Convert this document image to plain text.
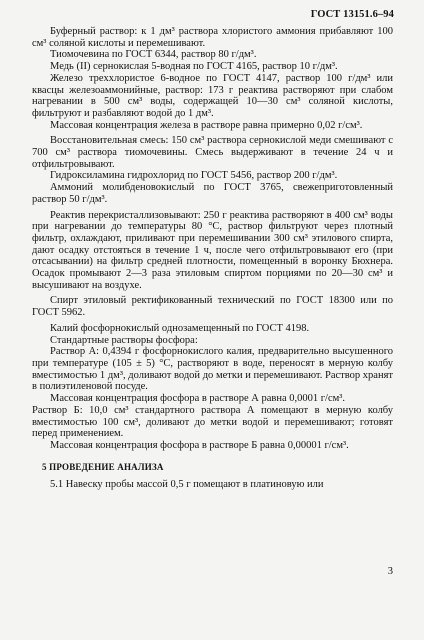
ГОСТ 13151.6–94

Буферный раствор: к 1 дм³ раствора хлористого аммония прибавляют 100 см³ соляной кислоты и перемешивают.

Тиомочевина по ГОСТ 6344, раствор 80 г/дм³.

Медь (II) сернокислая 5-водная по ГОСТ 4165, раствор 10 г/дм³.

Железо треххлористое 6-водное по ГОСТ 4147, раствор 100 г/дм³ или квасцы железоаммонийные, раствор: 173 г реактива растворяют при слабом нагревании в 500 см³ воды, содержащей 10—30 см³ соляной кислоты, фильтруют и разбавляют водой до 1 дм³.

Массовая концентрация железа в растворе равна примерно 0,02 г/см³.

Восстановительная смесь: 150 см³ раствора сернокислой меди смешивают с 700 см³ раствора тиомочевины. Смесь выдерживают в течение 24 ч и отфильтровывают.

Гидроксиламина гидрохлорид по ГОСТ 5456, раствор 200 г/дм³.

Аммоний молибденовокислый по ГОСТ 3765, свежеприготовленный раствор 50 г/дм³.

Реактив перекристаллизовывают: 250 г реактива растворяют в 400 см³ воды при нагревании до температуры 80 °С, раствор фильтруют через плотный фильтр, охлаждают, приливают при перемешивании 300 см³ этилового спирта, дают осадку отстояться в течение 1 ч, после чего отфильтровывают его (при отсасывании) на фильтр средней плотности, помещенный в воронку Бюхнера. Осадок промывают 2—3 раза этиловым спиртом порциями по 20—30 см³ и высушивают на воздухе.

Спирт этиловый ректификованный технический по ГОСТ 18300 или по ГОСТ 5962.

Калий фосфорнокислый однозамещенный по ГОСТ 4198.

Стандартные растворы фосфора:

Раствор А: 0,4394 г фосфорнокислого калия, предварительно высушенного при температуре (105 ± 5) °С, растворяют в воде, переносят в мерную колбу вместимостью 1 дм³, доливают водой до метки и перемешивают. Раствор хранят в полиэтиленовой посуде.

Массовая концентрация фосфора в растворе А равна 0,0001 г/см³.

Раствор Б: 10,0 см³ стандартного раствора А помещают в мерную колбу вместимостью 100 см³, доливают до метки водой и перемешивают; готовят перед применением.

Массовая концентрация фосфора в растворе Б равна 0,00001 г/см³.

5 ПРОВЕДЕНИЕ АНАЛИЗА

5.1 Навеску пробы массой 0,5 г помещают в платиновую или

3
